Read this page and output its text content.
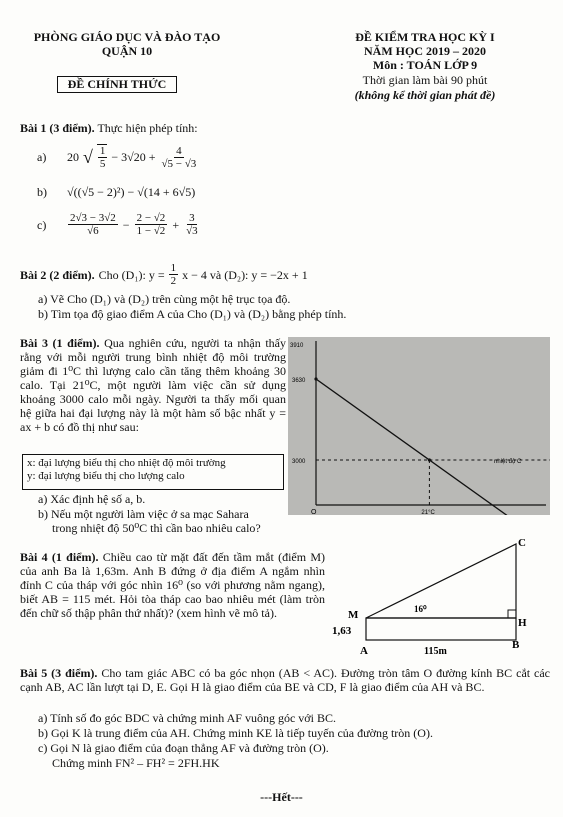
PHÒNG GIÁO DỤC VÀ ĐÀO TẠO
QUẬN 10
ĐỀ CHÍNH THỨC
ĐỀ KIỂM TRA HỌC KỲ I
NĂM HỌC 2019 – 2020
Môn : TOÁN LỚP 9
Thời gian làm bài 90 phút
(không kể thời gian phát đề)
Bài 1 (3 điểm). Thực hiện phép tính:
a)	20 √ $\frac{1}{5} - 3√20 + \frac{4}{√5 - √3}$
b)	√((√5 − 2)²) − √(14 + 6√5)
c)	$\frac{2√3 - 3√2}{√6} - \frac{2 - √2}{1 - √2} + \frac{3}{√3}$
Bài 2 (2 điểm). Cho (D₁): $y = \frac{1}{2}$ x − 4 và (D₂): y = −2x + 1
a) Vẽ Cho (D₁) và (D₂) trên cùng một hệ trục tọa độ.
b) Tìm tọa độ giao điểm A của Cho (D₁) và (D₂) bằng phép tính.
Bài 3 (1 điểm). Qua nghiên cứu, người ta nhận thấy rằng với mỗi người trung bình nhiệt độ môi trường giảm đi 1⁰C thì lượng calo cần tăng thêm khoảng 30 calo. Tại 21⁰C, một người làm việc cần sử dụng khoảng 3000 calo mỗi ngày. Người ta thấy mối quan hệ giữa hai đại lượng này là một hàm số bậc nhất y = ax + b có đồ thị như sau:
x: đại lượng biểu thị cho nhiệt độ môi trường
y: đại lượng biểu thị cho lượng calo
a) Xác định hệ số a, b.
b) Nếu một người làm việc ở sa mạc Sahara
trong nhiệt độ 50⁰C thì cần bao nhiêu calo?
3910
3630
3000
O	21°C
nhiệt độ C
Bài 4 (1 điểm). Chiều cao từ mặt đất đến tầm mắt (điểm M) của anh Ba là 1,63m. Anh B đứng ở địa điểm A ngắm nhìn đỉnh C của tháp với góc nhìn 16⁰ (so với phương nằm ngang), biết AB = 115 mét. Hỏi tòa tháp cao bao nhiêu mét (làm tròn đến chữ số thập phân thứ nhất)? (xem hình vẽ mô tả).
C
M
H
A	B
16⁰
1,63
115m
Bài 5 (3 điểm). Cho tam giác ABC có ba góc nhọn (AB < AC). Đường tròn tâm O đường kính BC cắt các cạnh AB, AC lần lượt tại D, E. Gọi H là giao điểm của BE và CD, F là giao điểm của AH và BC.
a) Tính số đo góc BDC và chứng minh AF vuông góc với BC.
b) Gọi K là trung điểm của AH. Chứng minh KE là tiếp tuyến của đường tròn (O).
c) Gọi N là giao điểm của đoạn thẳng AF và đường tròn (O).
Chứng minh FN² – FH² = 2FH.HK
---Hết---
